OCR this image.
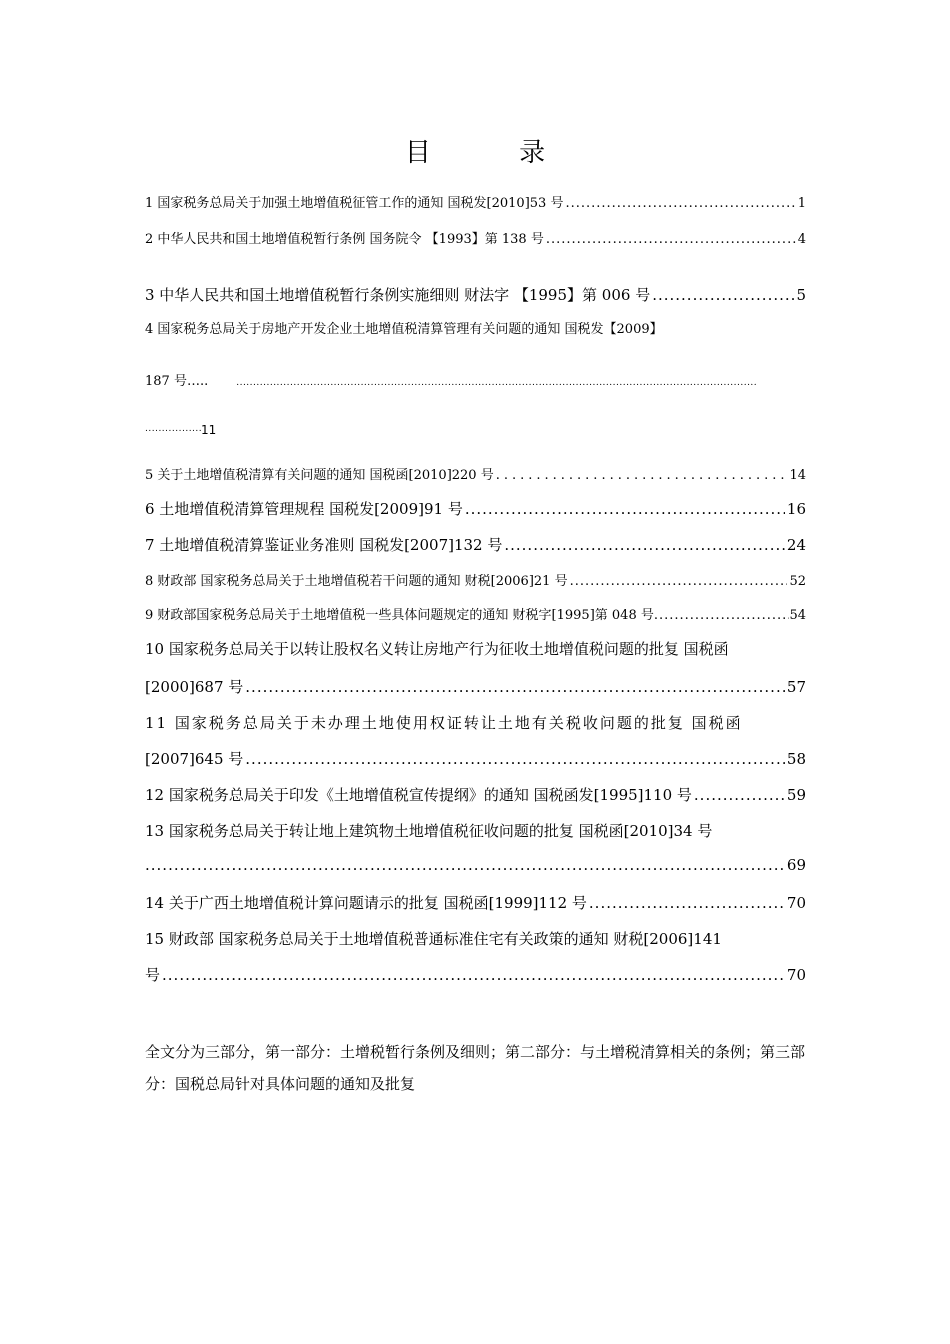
目 录
1 国家税务总局关于加强土地增值税征管工作的通知 国税发[2010]53 号 .....	1
2 中华人民共和国土地增值税暂行条例 国务院令 【1993】第 138 号 .....	4
3 中华人民共和国土地增值税暂行条例实施细则 财法字 【1995】第 006 号 .....	5
4 国家税务总局关于房地产开发企业土地增值税清算管理有关问题的通知 国税发【2009】
187 号…..
.....
.....11
5 关于土地增值税清算有关问题的通知 国税函[2010]220 号 .....	14
6 土地增值税清算管理规程 国税发[2009]91 号 .....	16
7 土地增值税清算鉴证业务准则 国税发[2007]132 号 .....	24
8 财政部 国家税务总局关于土地增值税若干问题的通知 财税[2006]21 号 .....	52
9 财政部国家税务总局关于土地增值税一些具体问题规定的通知 财税字[1995]第 048 号 .....	54
10 国家税务总局关于以转让股权名义转让房地产行为征收土地增值税问题的批复 国税函
[2000]687 号 .....	57
11 国家税务总局关于未办理土地使用权证转让土地有关税收问题的批复 国税函
[2007]645 号 .....	58
12 国家税务总局关于印发《土地增值税宣传提纲》的通知 国税函发[1995]110 号 .....	59
13 国家税务总局关于转让地上建筑物土地增值税征收问题的批复 国税函[2010]34 号
.....
69
14 关于广西土地增值税计算问题请示的批复 国税函[1999]112 号 .....	70
15 财政部 国家税务总局关于土地增值税普通标准住宅有关政策的通知 财税[2006]141
号 .....	70
全文分为三部分，第一部分：土增税暂行条例及细则；第二部分：与土增税清算相关的条例；第三部分：国税总局针对具体问题的通知及批复
